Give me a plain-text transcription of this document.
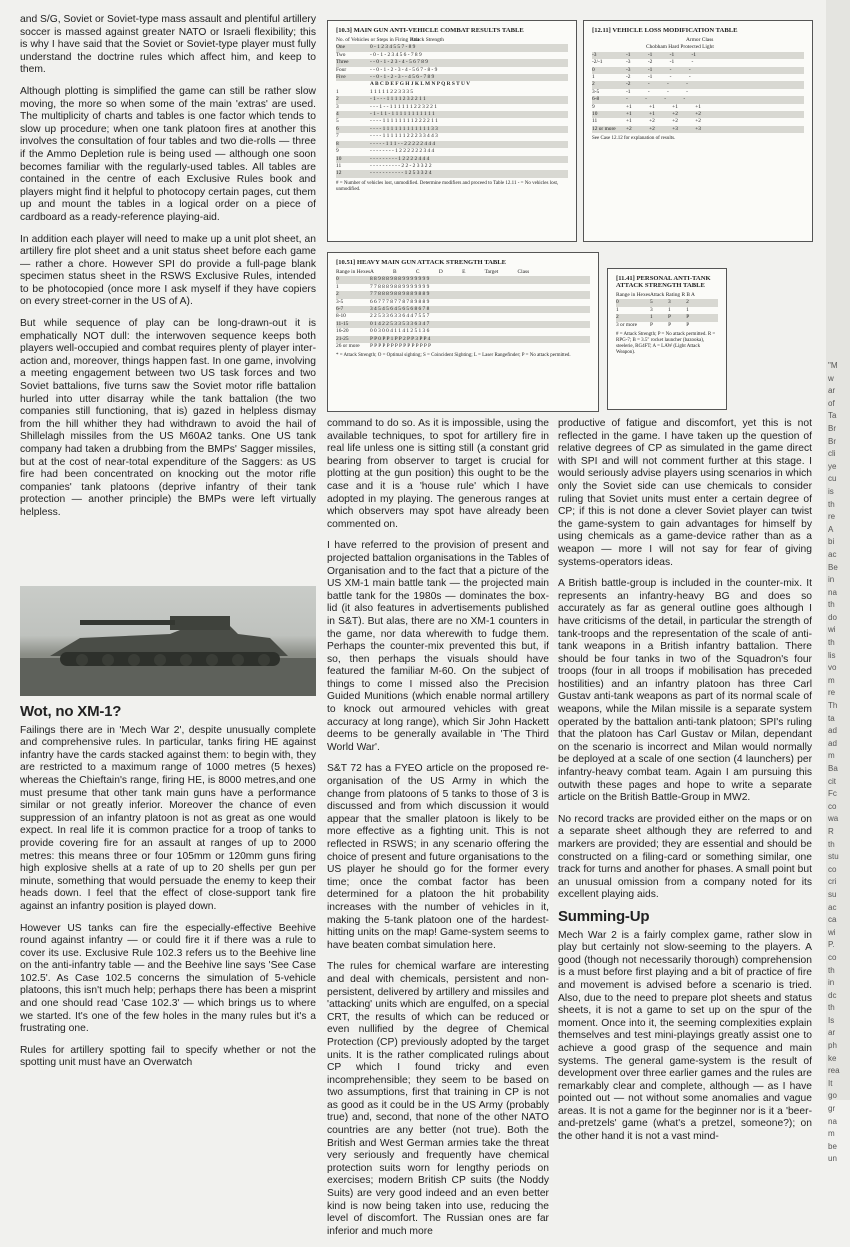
and S/G, Soviet or Soviet-type mass assault and plentiful artillery soccer is massed against greater NATO or Israeli flexibility; this is why I have said that the Soviet or Soviet-type player must fully understand the doctrine rules which affect him, and keep to them.

Although plotting is simplified the game can still be rather slow moving, the more so when some of the main 'extras' are used. The multiplicity of charts and tables is one factor which tends to slow up procedure; when one tank platoon fires at another this involves the consultation of four tables and two die-rolls — three if the Ammo Depletion rule is being used — although one soon becomes familiar with the regularly-used tables. All tables are contained in the centre of each Exclusive Rules book and players might find it helpful to photocopy certain pages, cut them up and mount the tables in a logical order on a piece of cardboard as a ready-reference playing-aid.

In addition each player will need to make up a unit plot sheet, an artillery fire plot sheet and a unit status sheet before each game — rather a chore. However SPI do provide a full-page blank specimen status sheet in the RSWS Exclusive Rules, intended to be photocopied (once more I ask myself if they have copiers on every street-corner in the US of A).

But while sequence of play can be long-drawn-out it is emphatically NOT dull: the interwoven sequence keeps both players well-occupied and combat requires plenty of player inter-action and, moreover, things happen fast. In one game, involving a meeting engagement between two US task forces and two Soviet battalions, five turns saw the Soviet motor rifle battalion hurled into utter disarray while the tank battalion (the two companies still functioning, that is) gazed in helpless dismay from the hill whither they had withdrawn to avoid the hail of Shillelagh missiles from the US M60A2 tanks. One US tank company had taken a drubbing from the BMPs' Sagger missiles, but at the cost of near-total expenditure of the Saggers: as US fire had been concentrated on knocking out the motor rifle companies' tank platoons (deprive infantry of their tank protection — another principle) the BMPs were left virtually helpless.

Wot, no XM-1?

Failings there are in 'Mech War 2', despite unusually complete and comprehensive rules. In particular, tanks firing HE against infantry have the cards stacked against them: to begin with, they are restricted to a maximum range of 1000 metres (5 hexes) whereas the Chieftain's range, firing HE, is 8000 metres,and one must presume that other tank main guns have a performance similar or not greatly inferior. Moreover the chance of even suppression of an infantry platoon is not as great as one would expect. In real life it is common practice for a troop of tanks to provide covering fire for an assault at ranges of up to 2000 metres: this means three or four 105mm or 120mm guns firing high explosive shells at a rate of up to 20 shells per gun per minute, something that would persuade the enemy to keep their heads down. I feel that the effect of close-support tank fire against an infantry position is played down.

However US tanks can fire the especially-effective Beehive round against infantry — or could fire it if there was a rule to cover its use. Exclusive Rule 102.3 refers us to the Beehive line on the anti-infantry table — and the Beehive line says 'See Case 102.5'. As Case 102.5 concerns the simulation of 5-vehicle platoons, this isn't much help; perhaps there has been a misprint and one should read 'Case 102.3' — which brings us to where we started. It's one of the few holes in the many rules but it's a frustrating one.

Rules for artillery spotting fail to specify whether or not the spotting unit must have an Overwatch

[10.3] MAIN GUN ANTI-VEHICLE COMBAT RESULTS TABLE
No. of Vehicles or Steps in Firing Unit
Attack Strength
One	0 - 1 2 3 4 5 5 7 - 8 9
Two	- 0 - 1 - 2 3 4 5 6 - 7 8 9
Three	- - 0 - 1 - 2 3 - 4 - 5 6 7 8 9
Four	- - 0 - 1 - 2 - 3 - 4 - 5 6 7 - 8 - 9
Five	- - 0 - 1 - 2 - 3 - - 4 5 6 - 7 8 9
A B C D E F G H J K L M N P Q R S T U V
1	1 1 1 1 1 2 2 3 3 3 5
2	- 1 - - - 1 1 1 1 2 3 2 2 1 1
3	- - - 1 - - 1 1 1 1 1 1 2 2 3 2 2 1
4	- 1 - 1 1 - 1 1 1 1 1 1 1 1 1 1 1
5	- - - - 1 1 1 1 1 1 1 1 2 2 2 2 1 1
6	- - - - 1 1 1 1 1 1 1 1 1 1 1 1 3 3
7	- - - - 1 1 1 1 1 1 2 2 2 3 3 4 4 3
8	- - - - - 1 1 1 - - 2 2 2 2 2 4 4 4
9	- - - - - - - - 1 2 2 2 2 2 2 3 4 4
10	- - - - - - - - - 1 2 2 2 2 4 4 4
11	- - - - - - - - - - 2 2 - 2 3 3 2 2
12	- - - - - - - - - - - 1 2 5 3 3 2 4
# = Number of vehicles lost, unmodified. Determine modifiers and proceed to Table 12.11 - = No vehicles lost, unmodified.
[12.11] VEHICLE LOSS MODIFICATION TABLE
Armor Class
Chobham Hard Protected Light
-3	-1 -1 -1 -1
-2/-1	-3 -2 -1 -
0	-3 -1 - -
1	-2 -1 - -
2	-2 - - -
3-5	-1 - - -
6-8	- - - -
9	+1 +1 +1 +1
10	+1 +1 +2 +2
11	+1 +2 +2 +2
12 or more	+2 +2 +3 +3
See Case 12.12 for explanation of results.
[10.51] HEAVY MAIN GUN ATTACK STRENGTH TABLE
Range in Hexes A B C D E Target Class
0	8 8 9 8 8 9 8 8 9 9 9 9 9 9 9
1	7 7 8 8 8 9 8 8 9 9 9 9 9 9 9
2	7 7 8 8 8 9 8 8 9 8 8 9 8 8 9
3-5	6 6 7 7 7 8 7 7 8 7 8 9 8 8 9
6-7	3 4 5 4 5 6 4 5 6 5 6 8 6 7 8
8-10	2 2 5 3 3 6 3 3 6 4 4 7 5 5 7
11-15	0 1 4 2 2 5 3 3 5 3 3 6 3 4 7
16-20	0 0 3 0 0 4 1 1 4 1 2 5 1 3 6
21-25	P P 0 P P 1 P P 2 P P 3 P P 4
26 or more	P P P P P P P P P P P P P P P
* = Attack Strength; O = Optimal sighting; S = Coincident Sighting; L = Laser Rangefinder; P = No attack permitted.
[11.41] PERSONAL ANTI-TANK ATTACK STRENGTH TABLE
Range in Hexes Attack Rating R B A
0	5 3 2
1	3 1 1
2	1 P P
3 or more	P P P
# = Attack Strength; P = No attack permitted. R = RPG-7; B = 3.5" rocket launcher (bazooka), steelerie, RG4FT; A = LAW (Light Attack Weapon).

command to do so. As it is impossible, using the available techniques, to spot for artillery fire in real life unless one is sitting still (a constant grid bearing from observer to target is crucial for plotting at the gun position) this ought to be the case and it is a 'house rule' which I have adopted in my playing. The generous ranges at which observers may spot have already been commented on.

I have referred to the provision of present and projected battalion organisations in the Tables of Organisation and to the fact that a picture of the US XM-1 main battle tank — the projected main battle tank for the 1980s — dominates the box-lid (it also features in advertisements published in S&T). But alas, there are no XM-1 counters in the game, nor data wherewith to fudge them. Perhaps the counter-mix prevented this but, if so, then perhaps the visuals should have featured the familiar M-60. On the subject of things to come I missed also the Precision Guided Munitions (which enable normal artillery to knock out armoured vehicles with great accuracy at long range), which Sir John Hackett deems to be generally available in 'The Third World War'.

S&T 72 has a FYEO article on the proposed re-organisation of the US Army in which the change from platoons of 5 tanks to those of 3 is discussed and from which discussion it would appear that the smaller platoon is likely to be more effective as a fighting unit. This is not reflected in RSWS; in any scenario offering the choice of present and future organisations to the US player he should go for the former every time; once the combat factor has been determined for a platoon the hit probability increases with the number of vehicles in it, making the 5-tank platoon one of the hardest-hitting units on the map! Game-system seems to have beaten combat simulation here.

The rules for chemical warfare are interesting and deal with chemicals, persistent and non-persistent, delivered by artillery and missiles and 'attacking' units which are engulfed, on a special CRT, the results of which can be reduced or even nullified by the degree of Chemical Protection (CP) previously adopted by the target units. It is the rather complicated rulings about CP which I found tricky and even incomprehensible; they seem to be based on two assumptions, first that training in CP is not as good as it could be in the US Army (probably true) and, second, that none of the other NATO countries are any better (not true). Both the British and West German armies take the threat very seriously and frequently have chemical protection suits worn for lengthy periods on exercises; modern British CP suits (the Noddy Suits) are very good indeed and an even better kind is now being taken into use, reducing the level of discomfort. The Russian ones are far inferior and much more

productive of fatigue and discomfort, yet this is not reflected in the game. I have taken up the question of relative degrees of CP as simulated in the game direct with SPI and will not comment further at this stage. I would seriously advise players using scenarios in which only the Soviet side can use chemicals to consider ruling that Soviet units must enter a certain degree of CP; if this is not done a clever Soviet player can twist the game-system to gain advantages for himself by using chemicals as a game-device rather than as a weapon — more I will not say for fear of giving systems-operators ideas.

A British battle-group is included in the counter-mix. It represents an infantry-heavy BG and does so accurately as far as general outline goes although I have criticisms of the detail, in particular the strength of tank-troops and the representation of the scale of anti-tank weapons in a British infantry battalion. There should be four tanks in two of the Squadron's four troops (four in all troops if mobilisation has preceded hostilities) and an infantry platoon has three Carl Gustav anti-tank weapons as part of its normal scale of weapons, while the Milan missile is a separate system operated by the battalion anti-tank platoon; SPI's ruling that the platoon has Carl Gustav or Milan, dependant on the scenario is incorrect and Milan would normally be deployed at a scale of one section (4 launchers) per infantry-heavy combat team. Again I am pursuing this outwith these pages and hope to write a separate article on the British Battle-Group in MW2.

No record tracks are provided either on the maps or on a separate sheet although they are referred to and markers are provided; they are essential and should be constructed on a filing-card or something similar, one track for turns and another for phases. A small point but an unusual omission from a company noted for its excellent playing aids.

Summing-Up

Mech War 2 is a fairly complex game, rather slow in play but certainly not slow-seeming to the players. A good (though not necessarily thorough) comprehension is a must before first playing and a bit of practice of fire and movement is advised before a scenario is tried. Also, due to the need to prepare plot sheets and status sheets, it is not a game to set up on the spur of the moment. Once into it, the seeming complexities explain themselves and test mini-playings greatly assist one to achieve a good grasp of the sequence and main systems. The general game-system is the result of development over three earlier games and the rules are remarkably clear and complete, although — as I have pointed out — not without some anomalies and vague areas. It is not a game for the beginner nor is it a 'beer-and-pretzels' game (what's a pretzel, someone?); on the other hand it is not a vast mind-

"M
w
ar
of
Ta
Br
Br
cli
ye
cu
is
th
re
A
bi
ac
Be
in
na
th
do
wi
th
lis
vo
m
re
Th
ta
ad
ad
m
Ba
cit
Fc
co
wa
R
th
stu
co
cri
su
ac
ca
wi
P.
co
th
in
dc
th
Is
ar
ph
ke
rea
It
go
gr
na
m
be
un
